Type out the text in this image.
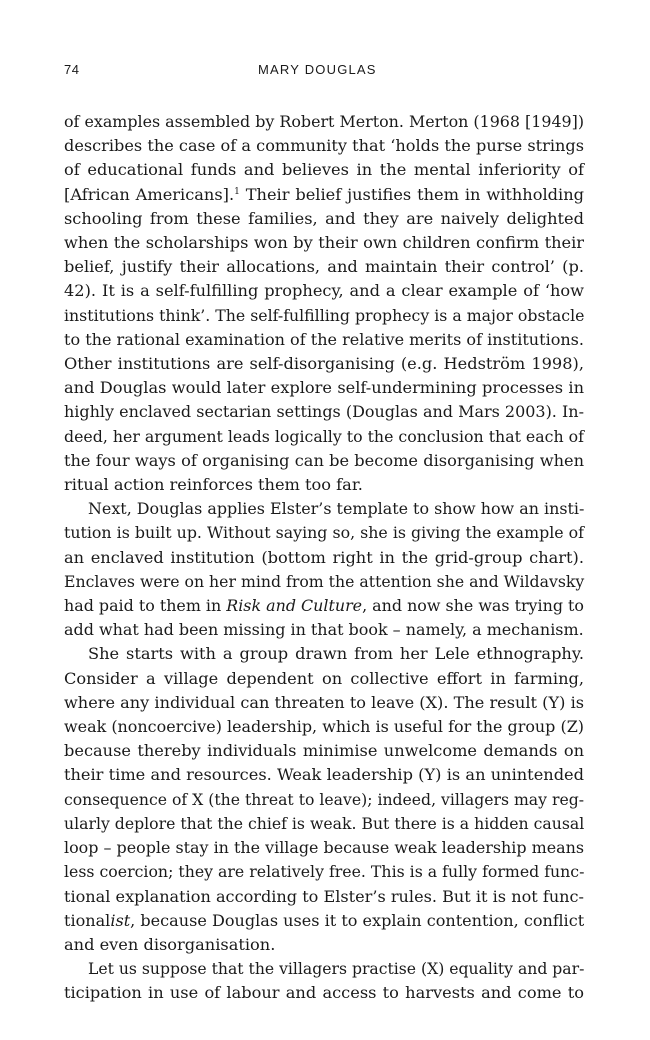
74	MARY DOUGLAS
of examples assembled by Robert Merton. Merton (1968 [1949])
describes the case of a community that ‘holds the purse strings
of educational funds and believes in the mental inferiority of
[African Americans].$^1$ Their belief justifies them in withholding
schooling from these families, and they are naively delighted
when the scholarships won by their own children confirm their
belief, justify their allocations, and maintain their control’ (p.
42). It is a self-fulfilling prophecy, and a clear example of ‘how
institutions think’. The self-fulfilling prophecy is a major obstacle
to the rational examination of the relative merits of institutions.
Other institutions are self-disorganising (e.g. Hedström 1998),
and Douglas would later explore self-undermining processes in
highly enclaved sectarian settings (Douglas and Mars 2003). In-
deed, her argument leads logically to the conclusion that each of
the four ways of organising can be become disorganising when
ritual action reinforces them too far.
Next, Douglas applies Elster’s template to show how an insti-
tution is built up. Without saying so, she is giving the example of
an enclaved institution (bottom right in the grid-group chart).
Enclaves were on her mind from the attention she and Wildavsky
had paid to them in Risk and Culture, and now she was trying to
add what had been missing in that book – namely, a mechanism.
She starts with a group drawn from her Lele ethnography.
Consider a village dependent on collective effort in farming,
where any individual can threaten to leave (X). The result (Y) is
weak (noncoercive) leadership, which is useful for the group (Z)
because thereby individuals minimise unwelcome demands on
their time and resources. Weak leadership (Y) is an unintended
consequence of X (the threat to leave); indeed, villagers may reg-
ularly deplore that the chief is weak. But there is a hidden causal
loop – people stay in the village because weak leadership means
less coercion; they are relatively free. This is a fully formed func-
tional explanation according to Elster’s rules. But it is not func-
tionalist, because Douglas uses it to explain contention, conflict
and even disorganisation.
Let us suppose that the villagers practise (X) equality and par-
ticipation in use of labour and access to harvests and come to
